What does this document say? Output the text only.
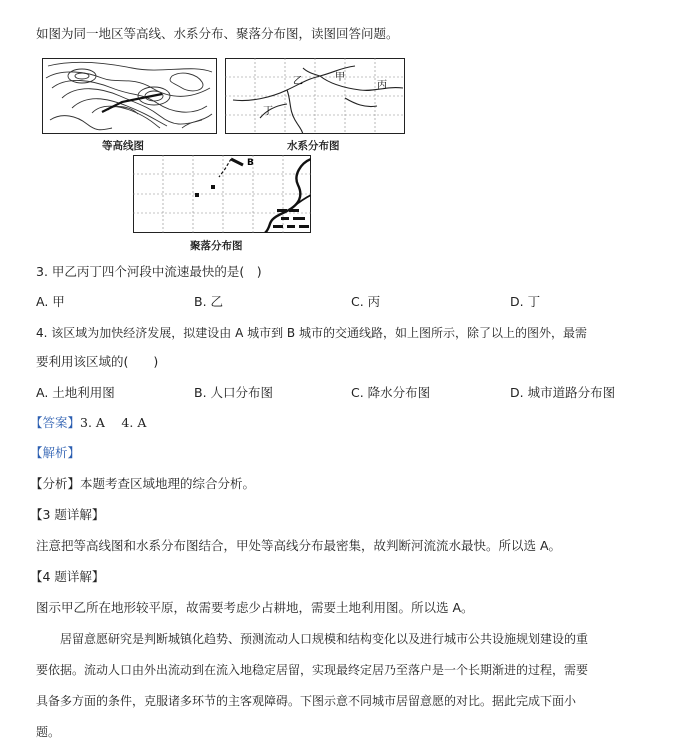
如图为同一地区等高线、水系分布、聚落分布图，读图回答问题。
等高线图
乙	甲
丙
丁
水系分布图
B
聚落分布图
3. 甲乙丙丁四个河段中流速最快的是(　)
A. 甲	B. 乙	C. 丙	D. 丁
4. 该区域为加快经济发展，拟建设由 A 城市到 B 城市的交通线路，如上图所示，除了以上的图外，最需
要利用该区域的(　　)
A. 土地利用图	B. 人口分布图	C. 降水分布图	D. 城市道路分布图
【答案】3. A　 4. A
【解析】
【分析】本题考查区域地理的综合分析。
【3 题详解】
注意把等高线图和水系分布图结合，甲处等高线分布最密集，故判断河流流水最快。所以选 A。
【4 题详解】
图示甲乙所在地形较平原，故需要考虑少占耕地，需要土地利用图。所以选 A。
　　居留意愿研究是判断城镇化趋势、预测流动人口规模和结构变化以及进行城市公共设施规划建设的重
要依据。流动人口由外出流动到在流入地稳定居留，实现最终定居乃至落户是一个长期渐进的过程，需要
具备多方面的条件，克服诸多环节的主客观障碍。下图示意不同城市居留意愿的对比。据此完成下面小
题。
